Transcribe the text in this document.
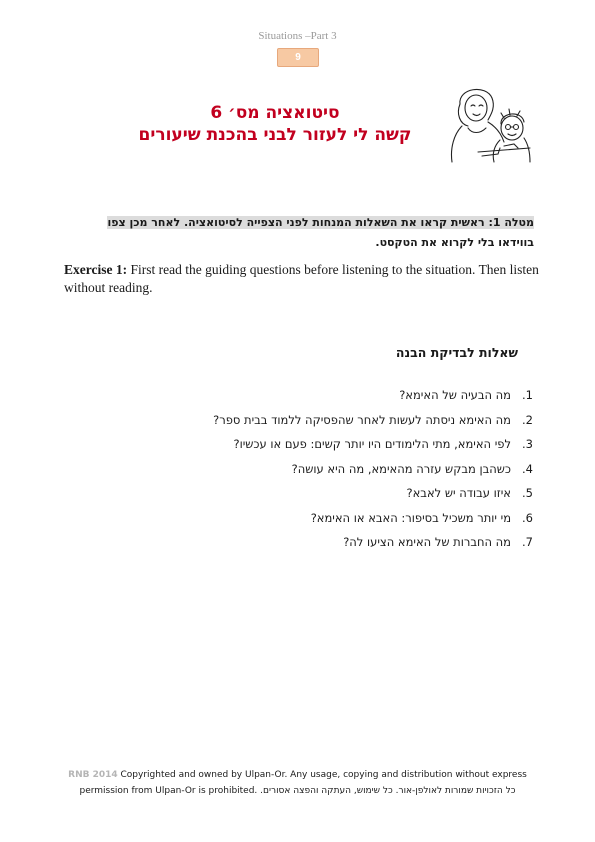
Situations –Part 3
9
סיטואציה מס׳ 6
קשה לי לעזור לבני בהכנת שיעורים
מטלה 1: ראשית קראו את השאלות המנחות לפני הצפייה לסיטואציה. לאחר מכן צפו
בווידאו בלי לקרוא את הטקסט.
Exercise 1: First read the guiding questions before listening to the situation. Then listen without reading.
שאלות לבדיקת הבנה
1.
מה הבעיה של האימא?
2.
מה האימא ניסתה לעשות לאחר שהפסיקה ללמוד בבית ספר?
3.
לפי האימא, מתי הלימודים היו יותר קשים: פעם או עכשיו?
4.
כשהבן מבקש עזרה מהאימא, מה היא עושה?
5.
איזו עבודה יש לאבא?
6.
מי יותר משכיל בסיפור: האבא או האימא?
7.
מה החברות של האימא הציעו לה?
RNB 2014 Copyrighted and owned by Ulpan-Or. Any usage, copying and distribution without express
permission from Ulpan-Or is prohibited. כל הזכויות שמורות לאולפן-אור. כל שימוש, העתקה והפצה אסורים.
